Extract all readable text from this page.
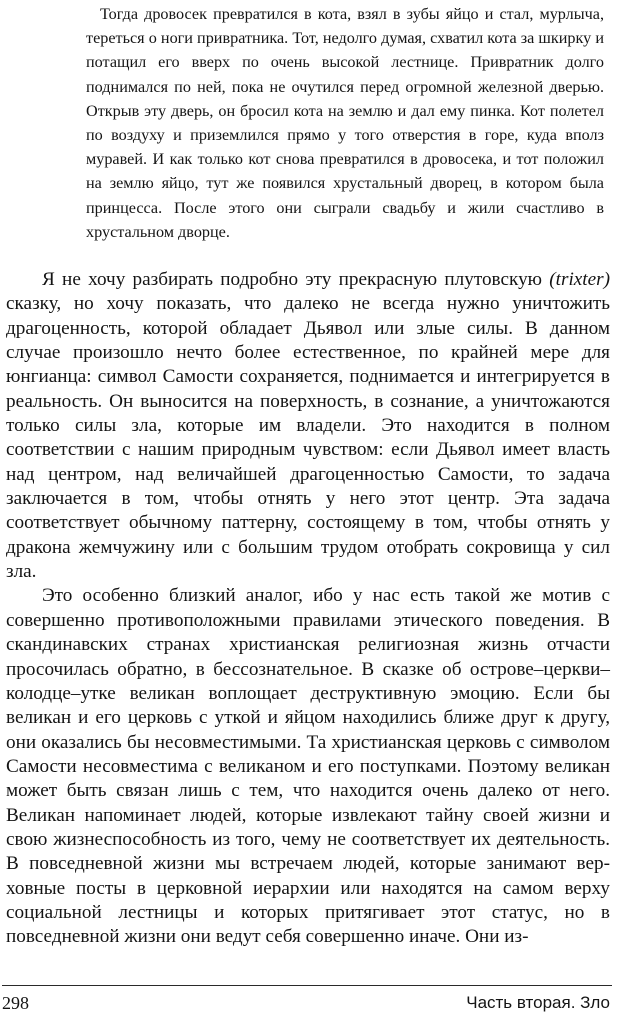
Тогда дровосек превратился в кота, взял в зубы яйцо и стал, мурлыча, тереться о ноги привратника. Тот, недолго думая, схватил кота за шкирку и потащил его вверх по очень высокой лестнице. Привратник долго поднимался по ней, пока не очутился перед огромной железной дверью. Открыв эту дверь, он бросил кота на землю и дал ему пинка. Кот полетел по воздуху и приземлился прямо у того отверстия в горе, куда вполз муравей. И как только кот снова превратился в дровосека, и тот положил на землю яйцо, тут же появился хрустальный дворец, в котором была принцесса. После этого они сыграли свадьбу и жили счастливо в хрустальном дворце.

Я не хочу разбирать подробно эту прекрасную плутовскую (trixter) сказку, но хочу показать, что далеко не всегда нужно уничтожить драгоценность, которой обладает Дьявол или злые силы. В данном случае произошло нечто более естественное, по крайней мере для юнгианца: символ Самости сохраняется, поднимается и интегрируется в реальность. Он выносится на поверхность, в сознание, а уничтожаются только силы зла, которые им владели. Это находится в полном соответствии с нашим природным чувством: если Дьявол имеет власть над центром, над величайшей драгоценностью Самости, то задача заключается в том, чтобы отнять у него этот центр. Эта задача соответствует обычному паттерну, состоящему в том, чтобы отнять у дракона жемчужину или с большим трудом отобрать сокровища у сил зла.

Это особенно близкий аналог, ибо у нас есть такой же мотив с совершенно противоположными правилами этического поведения. В скандинавских странах христианская религиозная жизнь отчасти просочилась обратно, в бессознательное. В сказке об острове–церкви–колодце–утке великан воплощает деструктивную эмоцию. Если бы великан и его церковь с уткой и яйцом находились ближе друг к другу, они оказались бы несовместимыми. Та христианская церковь с символом Самости несовместима с великаном и его поступками. Поэтому великан может быть связан лишь с тем, что находится очень далеко от него. Великан напоминает людей, которые извлекают тайну своей жизни и свою жизнеспособность из того, чему не соответствует их деятельность. В повседневной жизни мы встречаем людей, которые занимают верховные посты в церковной иерархии или находятся на самом верху социальной лестницы и которых притягивает этот статус, но в повседневной жизни они ведут себя совершенно иначе. Они из-

298	Часть вторая. Зло
